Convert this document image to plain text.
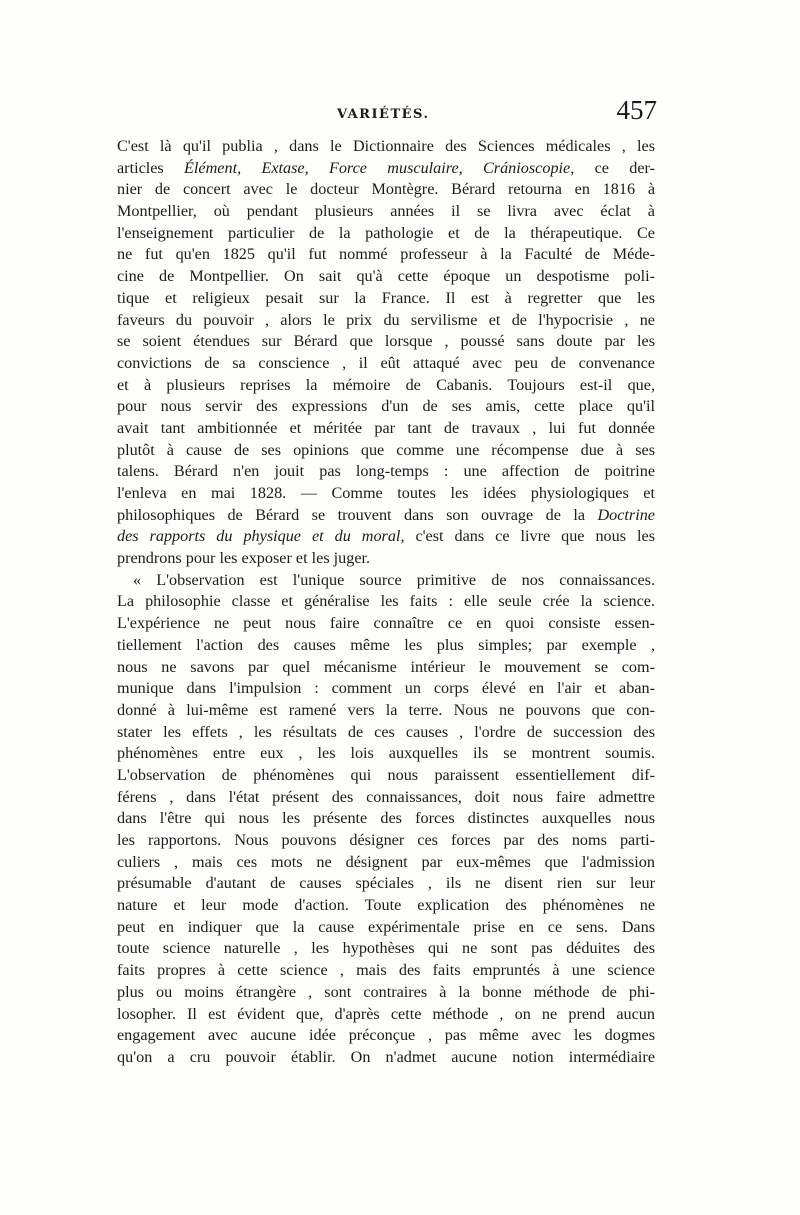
VARIÉTÉS.	457
C'est là qu'il publia , dans le Dictionnaire des Sciences médicales , les
articles Élément, Extase, Force musculaire, Cránioscopie, ce der-
nier de concert avec le docteur Montègre. Bérard retourna en 1816 à
Montpellier, où pendant plusieurs années il se livra avec éclat à
l'enseignement particulier de la pathologie et de la thérapeutique. Ce
ne fut qu'en 1825 qu'il fut nommé professeur à la Faculté de Méde-
cine de Montpellier. On sait qu'à cette époque un despotisme poli-
tique et religieux pesait sur la France. Il est à regretter que les
faveurs du pouvoir , alors le prix du servilisme et de l'hypocrisie , ne
se soient étendues sur Bérard que lorsque , poussé sans doute par les
convictions de sa conscience , il eût attaqué avec peu de convenance
et à plusieurs reprises la mémoire de Cabanis. Toujours est-il que,
pour nous servir des expressions d'un de ses amis, cette place qu'il
avait tant ambitionnée et méritée par tant de travaux , lui fut donnée
plutôt à cause de ses opinions que comme une récompense due à ses
talens. Bérard n'en jouit pas long-temps : une affection de poitrine
l'enleva en mai 1828. — Comme toutes les idées physiologiques et
philosophiques de Bérard se trouvent dans son ouvrage de la Doctrine
des rapports du physique et du moral, c'est dans ce livre que nous les
prendrons pour les exposer et les juger.
« L'observation est l'unique source primitive de nos connaissances.
La philosophie classe et généralise les faits : elle seule crée la science.
L'expérience ne peut nous faire connaître ce en quoi consiste essen-
tiellement l'action des causes même les plus simples; par exemple ,
nous ne savons par quel mécanisme intérieur le mouvement se com-
munique dans l'impulsion : comment un corps élevé en l'air et aban-
donné à lui-même est ramené vers la terre. Nous ne pouvons que con-
stater les effets , les résultats de ces causes , l'ordre de succession des
phénomènes entre eux , les lois auxquelles ils se montrent soumis.
L'observation de phénomènes qui nous paraissent essentiellement dif-
férens , dans l'état présent des connaissances, doit nous faire admettre
dans l'être qui nous les présente des forces distinctes auxquelles nous
les rapportons. Nous pouvons désigner ces forces par des noms parti-
culiers , mais ces mots ne désignent par eux-mêmes que l'admission
présumable d'autant de causes spéciales , ils ne disent rien sur leur
nature et leur mode d'action. Toute explication des phénomènes ne
peut en indiquer que la cause expérimentale prise en ce sens. Dans
toute science naturelle , les hypothèses qui ne sont pas déduites des
faits propres à cette science , mais des faits empruntés à une science
plus ou moins étrangère , sont contraires à la bonne méthode de phi-
losopher. Il est évident que, d'après cette méthode , on ne prend aucun
engagement avec aucune idée préconçue , pas même avec les dogmes
qu'on a cru pouvoir établir. On n'admet aucune notion intermédiaire
